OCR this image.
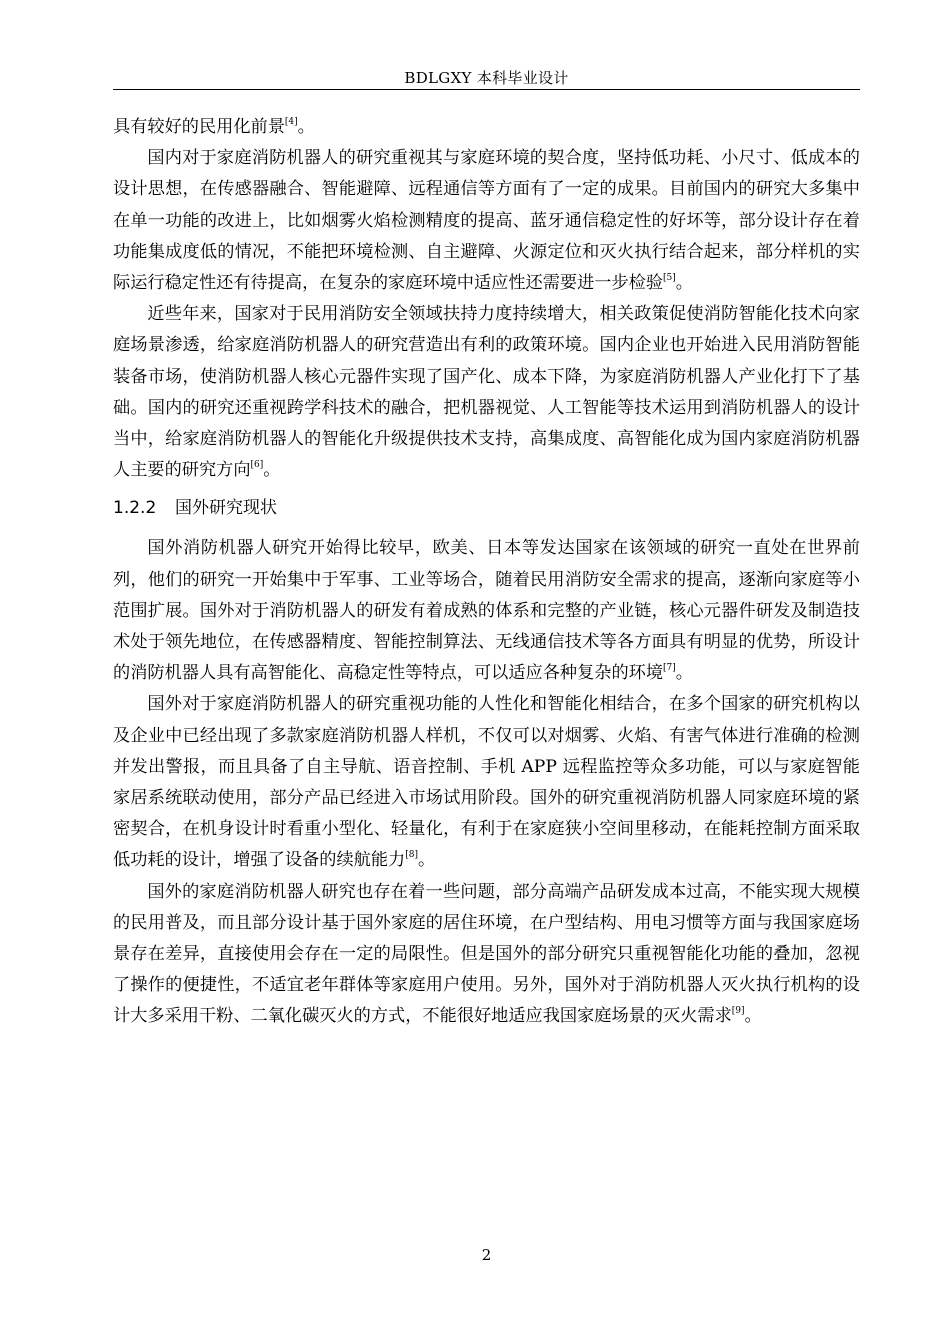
BDLGXY 本科毕业设计

具有较好的民用化前景[4]。

国内对于家庭消防机器人的研究重视其与家庭环境的契合度，坚持低功耗、小尺寸、低成本的设计思想，在传感器融合、智能避障、远程通信等方面有了一定的成果。目前国内的研究大多集中在单一功能的改进上，比如烟雾火焰检测精度的提高、蓝牙通信稳定性的好坏等，部分设计存在着功能集成度低的情况，不能把环境检测、自主避障、火源定位和灭火执行结合起来，部分样机的实际运行稳定性还有待提高，在复杂的家庭环境中适应性还需要进一步检验[5]。

近些年来，国家对于民用消防安全领域扶持力度持续增大，相关政策促使消防智能化技术向家庭场景渗透，给家庭消防机器人的研究营造出有利的政策环境。国内企业也开始进入民用消防智能装备市场，使消防机器人核心元器件实现了国产化、成本下降，为家庭消防机器人产业化打下了基础。国内的研究还重视跨学科技术的融合，把机器视觉、人工智能等技术运用到消防机器人的设计当中，给家庭消防机器人的智能化升级提供技术支持，高集成度、高智能化成为国内家庭消防机器人主要的研究方向[6]。

1.2.2 国外研究现状

国外消防机器人研究开始得比较早，欧美、日本等发达国家在该领域的研究一直处在世界前列，他们的研究一开始集中于军事、工业等场合，随着民用消防安全需求的提高，逐渐向家庭等小范围扩展。国外对于消防机器人的研发有着成熟的体系和完整的产业链，核心元器件研发及制造技术处于领先地位，在传感器精度、智能控制算法、无线通信技术等各方面具有明显的优势，所设计的消防机器人具有高智能化、高稳定性等特点，可以适应各种复杂的环境[7]。

国外对于家庭消防机器人的研究重视功能的人性化和智能化相结合，在多个国家的研究机构以及企业中已经出现了多款家庭消防机器人样机，不仅可以对烟雾、火焰、有害气体进行准确的检测并发出警报，而且具备了自主导航、语音控制、手机 APP 远程监控等众多功能，可以与家庭智能家居系统联动使用，部分产品已经进入市场试用阶段。国外的研究重视消防机器人同家庭环境的紧密契合，在机身设计时看重小型化、轻量化，有利于在家庭狭小空间里移动，在能耗控制方面采取低功耗的设计，增强了设备的续航能力[8]。

国外的家庭消防机器人研究也存在着一些问题，部分高端产品研发成本过高，不能实现大规模的民用普及，而且部分设计基于国外家庭的居住环境，在户型结构、用电习惯等方面与我国家庭场景存在差异，直接使用会存在一定的局限性。但是国外的部分研究只重视智能化功能的叠加，忽视了操作的便捷性，不适宜老年群体等家庭用户使用。另外，国外对于消防机器人灭火执行机构的设计大多采用干粉、二氧化碳灭火的方式，不能很好地适应我国家庭场景的灭火需求[9]。

2
